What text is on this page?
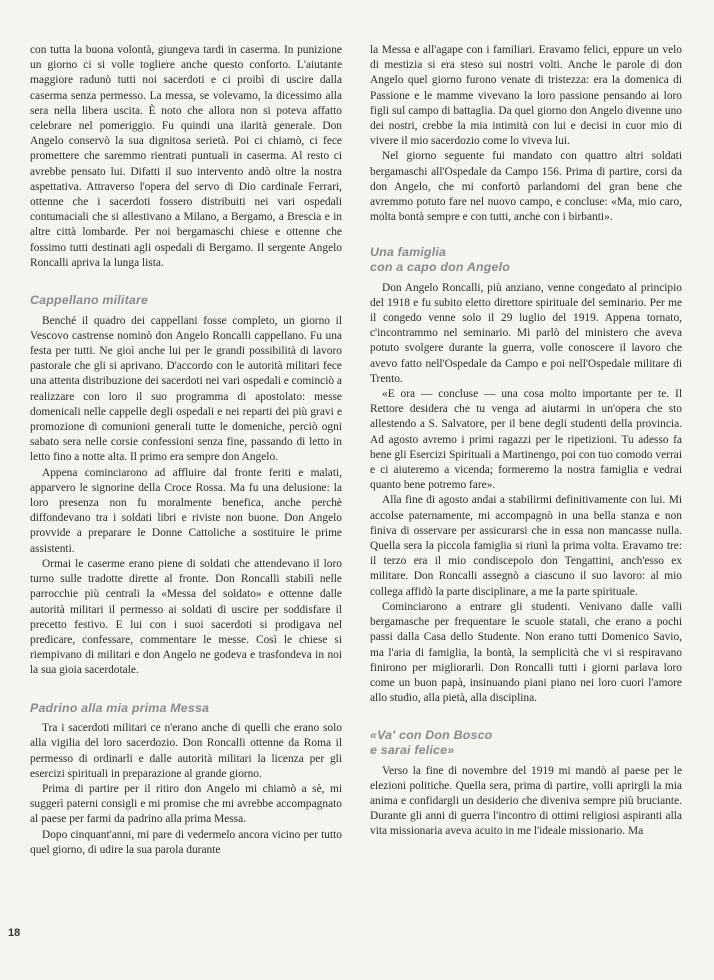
con tutta la buona volontà, giungeva tardi in caserma. In punizione un giorno ci si volle togliere anche questo conforto. L'aiutante maggiore radunò tutti noi sacerdoti e ci proibì di uscire dalla caserma senza permesso. La messa, se volevamo, la dicessimo alla sera nella libera uscita. È noto che allora non si poteva affatto celebrare nel pomeriggio. Fu quindi una ilarità generale. Don Angelo conservò la sua dignitosa serietà. Poi ci chiamò, ci fece promettere che saremmo rientrati puntuali in caserma. Al resto ci avrebbe pensato lui. Difatti il suo intervento andò oltre la nostra aspettativa. Attraverso l'opera del servo di Dio cardinale Ferrari, ottenne che i sacerdoti fossero distribuiti nei vari ospedali contumaciali che si allestivano a Milano, a Bergamo, a Brescia e in altre città lombarde. Per noi bergamaschi chiese e ottenne che fossimo tutti destinati agli ospedali di Bergamo. Il sergente Angelo Roncalli apriva la lunga lista.

Cappellano militare

Benché il quadro dei cappellani fosse completo, un giorno il Vescovo castrense nominò don Angelo Roncalli cappellano. Fu una festa per tutti. Ne gioì anche lui per le grandi possibilità di lavoro pastorale che gli si aprivano. D'accordo con le autorità militari fece una attenta distribuzione dei sacerdoti nei vari ospedali e cominciò a realizzare con loro il suo programma di apostolato: messe domenicali nelle cappelle degli ospedali e nei reparti dei più gravi e promozione di comunioni generali tutte le domeniche, perciò ogni sabato sera nelle corsie confessioni senza fine, passando di letto in letto fino a notte alta. Il primo era sempre don Angelo.

Appena cominciarono ad affluire dal fronte feriti e malati, apparvero le signorine della Croce Rossa. Ma fu una delusione: la loro presenza non fu moralmente benefica, anche perchè diffondevano tra i soldati libri e riviste non buone. Don Angelo provvide a preparare le Donne Cattoliche a sostituire le prime assistenti.

Ormai le caserme erano piene di soldati che attendevano il loro turno sulle tradotte dirette al fronte. Don Roncalli stabilì nelle parrocchie più centrali la «Messa del soldato» e ottenne dalle autorità militari il permesso ai soldati di uscire per soddisfare il precetto festivo. E lui con i suoi sacerdoti si prodigava nel predicare, confessare, commentare le messe. Così le chiese si riempivano di militari e don Angelo ne godeva e trasfondeva in noi la sua gioia sacerdotale.

Padrino alla mia prima Messa

Tra i sacerdoti militari ce n'erano anche di quelli che erano solo alla vigilia del loro sacerdozio. Don Roncalli ottenne da Roma il permesso di ordinarli e dalle autorità militari la licenza per gli esercizi spirituali in preparazione al grande giorno.

Prima di partire per il ritiro don Angelo mi chiamò a sè, mi suggerì paterni consigli e mi promise che mi avrebbe accompagnato al paese per farmi da padrino alla prima Messa.

Dopo cinquant'anni, mi pare di vedermelo ancora vicino per tutto quel giorno, di udire la sua parola durante

la Messa e all'agape con i familiari. Eravamo felici, eppure un velo di mestizia si era steso sui nostri volti. Anche le parole di don Angelo quel giorno furono venate di tristezza: era la domenica di Passione e le mamme vivevano la loro passione pensando ai loro figli sul campo di battaglia. Da quel giorno don Angelo divenne uno dei nostri, crebbe la mia intimità con lui e decisi in cuor mio di vivere il mio sacerdozio come lo viveva lui.

Nel giorno seguente fui mandato con quattro altri soldati bergamaschi all'Ospedale da Campo 156. Prima di partire, corsi da don Angelo, che mi confortò parlandomi del gran bene che avremmo potuto fare nel nuovo campo, e concluse: «Ma, mio caro, molta bontà sempre e con tutti, anche con i birbanti».

Una famiglia
con a capo don Angelo

Don Angelo Roncalli, più anziano, venne congedato al principio del 1918 e fu subito eletto direttore spirituale del seminario. Per me il congedo venne solo il 29 luglio del 1919. Appena tornato, c'incontrammo nel seminario. Mi parlò del ministero che aveva potuto svolgere durante la guerra, volle conoscere il lavoro che avevo fatto nell'Ospedale da Campo e poi nell'Ospedale militare di Trento.

«E ora — concluse — una cosa molto importante per te. Il Rettore desidera che tu venga ad aiutarmi in un'opera che sto allestendo a S. Salvatore, per il bene degli studenti della provincia. Ad agosto avremo i primi ragazzi per le ripetizioni. Tu adesso fa bene gli Esercizi Spirituali a Martinengo, poi con tuo comodo verrai e ci aiuteremo a vicenda; formeremo la nostra famiglia e vedrai quanto bene potremo fare».

Alla fine di agosto andai a stabilirmi definitivamente con lui. Mi accolse paternamente, mi accompagnò in una bella stanza e non finiva di osservare per assicurarsi che in essa non mancasse nulla. Quella sera la piccola famiglia si riunì la prima volta. Eravamo tre: il terzo era il mio condiscepolo don Tengattini, anch'esso ex militare. Don Roncalli assegnò a ciascuno il suo lavoro: al mio collega affidò la parte disciplinare, a me la parte spirituale.

Cominciarono a entrare gli studenti. Venivano dalle valli bergamasche per frequentare le scuole statali, che erano a pochi passi dalla Casa dello Studente. Non erano tutti Domenico Savio, ma l'aria di famiglia, la bontà, la semplicità che vi si respiravano finirono per migliorarli. Don Roncalli tutti i giorni parlava loro come un buon papà, insinuando piani piano nei loro cuori l'amore allo studio, alla pietà, alla disciplina.

«Va' con Don Bosco
e sarai felice»

Verso la fine di novembre del 1919 mi mandò al paese per le elezioni politiche. Quella sera, prima di partire, volli aprirgli la mia anima e confidargli un desiderio che diveniva sempre più bruciante. Durante gli anni di guerra l'incontro di ottimi religiosi aspiranti alla vita missionaria aveva acuito in me l'ideale missionario. Ma

18
